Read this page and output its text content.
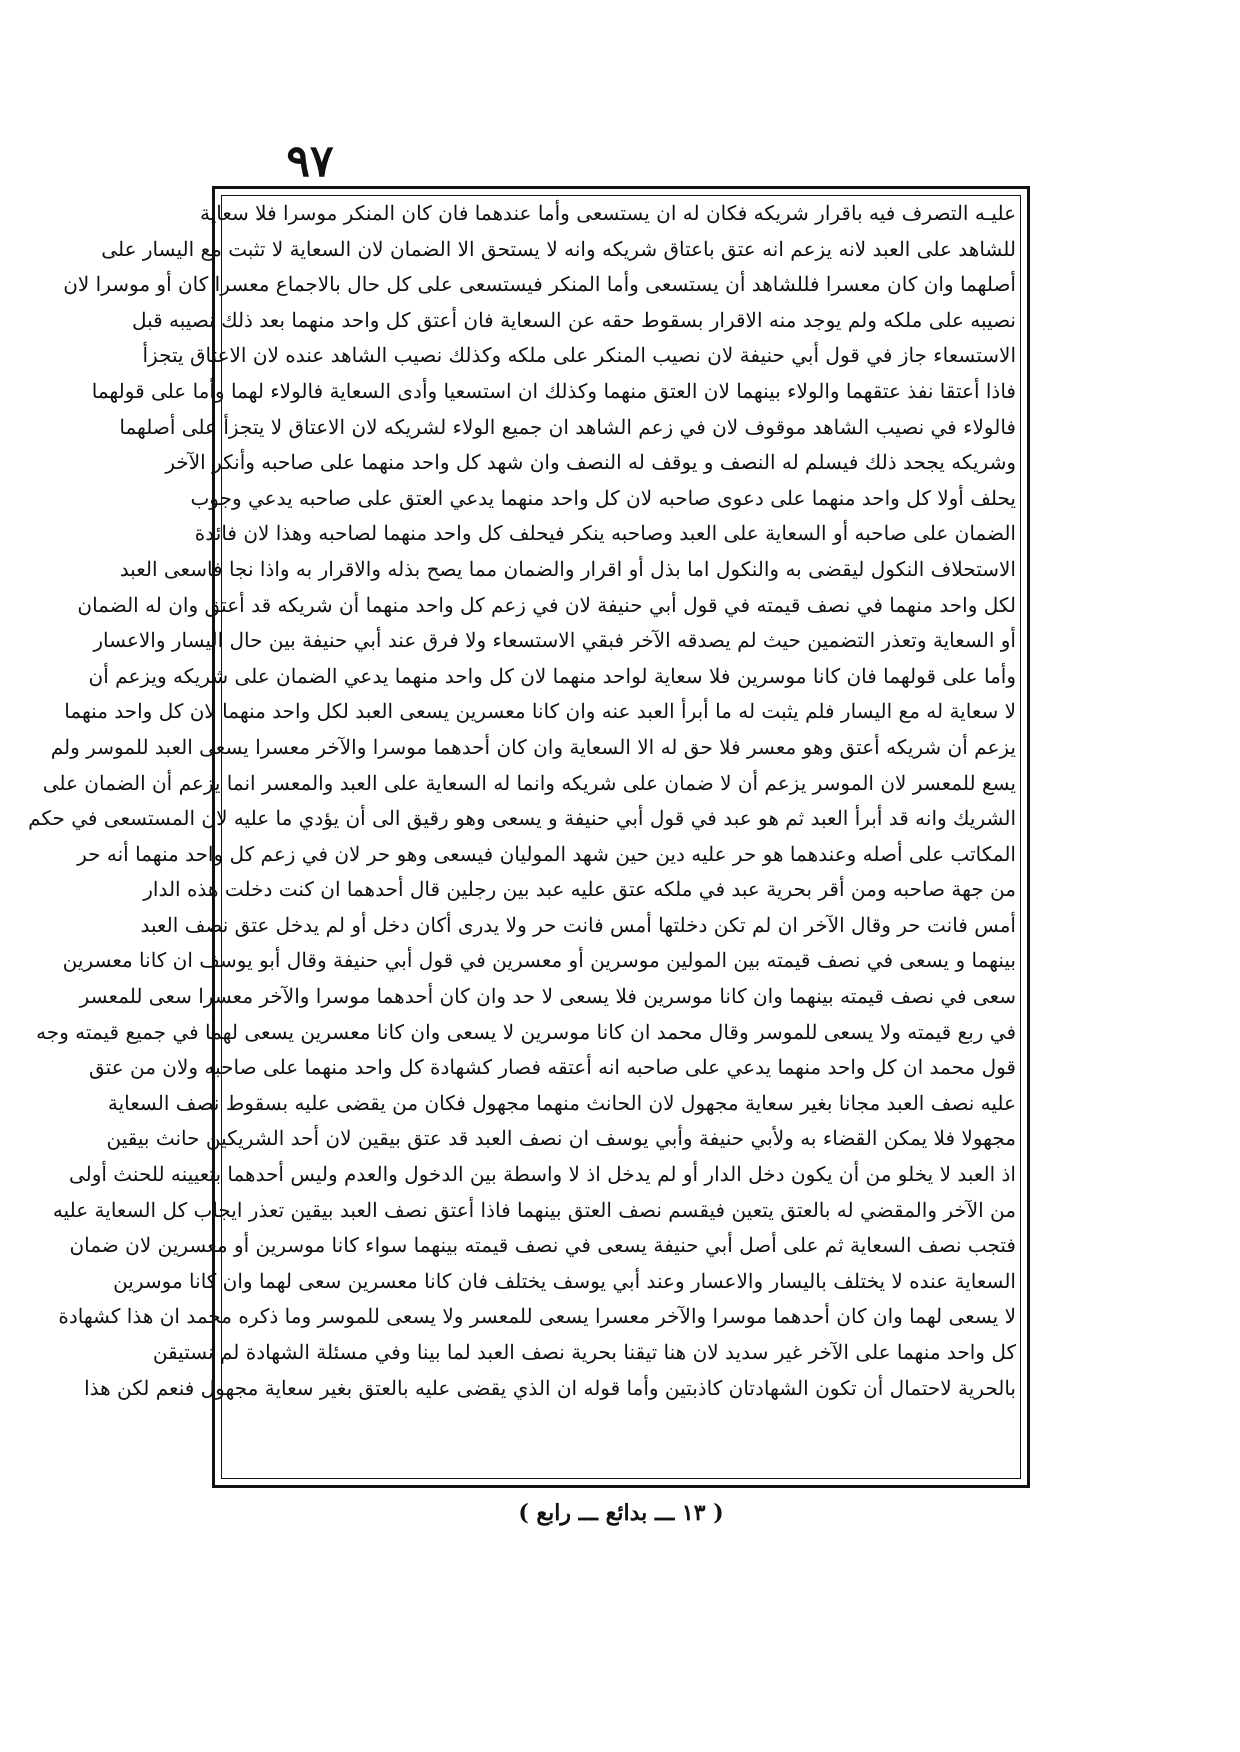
٩٧
عليـه التصرف فيه باقرار شريكه فكان له ان يستسعى وأما عندهما فان كان المنكر موسرا فلا سعاية
للشاهد على العبد لانه يزعم انه عتق باعتاق شريكه وانه لا يستحق الا الضمان لان السعاية لا تثبت مع اليسار على
أصلهما وان كان معسرا فللشاهد أن يستسعى وأما المنكر فيستسعى على كل حال بالاجماع معسرا كان أو موسرا لان
نصيبه على ملكه ولم يوجد منه الاقرار بسقوط حقه عن السعاية فان أعتق كل واحد منهما بعد ذلك نصيبه قبل
الاستسعاء جاز في قول أبي حنيفة لان نصيب المنكر على ملكه وكذلك نصيب الشاهد عنده لان الاعتاق يتجزأ
فاذا أعتقا نفذ عتقهما والولاء بينهما لان العتق منهما وكذلك ان استسعيا وأدى السعاية فالولاء لهما وأما على قولهما
فالولاء في نصيب الشاهد موقوف لان في زعم الشاهد ان جميع الولاء لشريكه لان الاعتاق لا يتجزأ على أصلهما
وشريكه يجحد ذلك فيسلم له النصف و يوقف له النصف وان شهد كل واحد منهما على صاحبه وأنكر الآخر
يحلف أولا كل واحد منهما على دعوى صاحبه لان كل واحد منهما يدعي العتق على صاحبه يدعي وجوب
الضمان على صاحبه أو السعاية على العبد وصاحبه ينكر فيحلف كل واحد منهما لصاحبه وهذا لان فائدة
الاستحلاف النكول ليقضى به والنكول اما بذل أو اقرار والضمان مما يصح بذله والاقرار به واذا نجا فاسعى العبد
لكل واحد منهما في نصف قيمته في قول أبي حنيفة لان في زعم كل واحد منهما أن شريكه قد أعتق وان له الضمان
أو السعاية وتعذر التضمين حيث لم يصدقه الآخر فبقي الاستسعاء ولا فرق عند أبي حنيفة بين حال اليسار والاعسار
وأما على قولهما فان كانا موسرين فلا سعاية لواحد منهما لان كل واحد منهما يدعي الضمان على شريكه ويزعم أن
لا سعاية له مع اليسار فلم يثبت له ما أبرأ العبد عنه وان كانا معسرين يسعى العبد لكل واحد منهما لان كل واحد منهما
يزعم أن شريكه أعتق وهو معسر فلا حق له الا السعاية وان كان أحدهما موسرا والآخر معسرا يسعى العبد للموسر ولم
يسع للمعسر لان الموسر يزعم أن لا ضمان على شريكه وانما له السعاية على العبد والمعسر انما يزعم أن الضمان على
الشريك وانه قد أبرأ العبد ثم هو عبد في قول أبي حنيفة و يسعى وهو رقيق الى أن يؤدي ما عليه لان المستسعى في حكم
المكاتب على أصله وعندهما هو حر عليه دين حين شهد الموليان فيسعى وهو حر لان في زعم كل واحد منهما أنه حر
من جهة صاحبه ومن أقر بحرية عبد في ملكه عتق عليه عبد بين رجلين قال أحدهما ان كنت دخلت هذه الدار
أمس فانت حر وقال الآخر ان لم تكن دخلتها أمس فانت حر ولا يدرى أكان دخل أو لم يدخل عتق نصف العبد
بينهما و يسعى في نصف قيمته بين المولين موسرين أو معسرين في قول أبي حنيفة وقال أبو يوسف ان كانا معسرين
سعى في نصف قيمته بينهما وان كانا موسرين فلا يسعى لا حد وان كان أحدهما موسرا والآخر معسرا سعى للمعسر
في ربع قيمته ولا يسعى للموسر وقال محمد ان كانا موسرين لا يسعى وان كانا معسرين يسعى لهما في جميع قيمته وجه
قول محمد ان كل واحد منهما يدعي على صاحبه انه أعتقه فصار كشهادة كل واحد منهما على صاحبه ولان من عتق
عليه نصف العبد مجانا بغير سعاية مجهول لان الحانث منهما مجهول فكان من يقضى عليه بسقوط نصف السعاية
مجهولا فلا يمكن القضاء به ولأبي حنيفة وأبي يوسف ان نصف العبد قد عتق بيقين لان أحد الشريكين حانث بيقين
اذ العبد لا يخلو من أن يكون دخل الدار أو لم يدخل اذ لا واسطة بين الدخول والعدم وليس أحدهما بتعيينه للحنث أولى
من الآخر والمقضي له بالعتق يتعين فيقسم نصف العتق بينهما فاذا أعتق نصف العبد بيقين تعذر ايجاب كل السعاية عليه
فتجب نصف السعاية ثم على أصل أبي حنيفة يسعى في نصف قيمته بينهما سواء كانا موسرين أو معسرين لان ضمان
السعاية عنده لا يختلف باليسار والاعسار وعند أبي يوسف يختلف فان كانا معسرين سعى لهما وان كانا موسرين
لا يسعى لهما وان كان أحدهما موسرا والآخر معسرا يسعى للمعسر ولا يسعى للموسر وما ذكره محمد ان هذا كشهادة
كل واحد منهما على الآخر غير سديد لان هنا تيقنا بحرية نصف العبد لما بينا وفي مسئلة الشهادة لم نستيقن
بالحرية لاحتمال أن تكون الشهادتان كاذبتين وأما قوله ان الذي يقضى عليه بالعتق بغير سعاية مجهول فنعم لكن هذا
( ١٣ ـــ بدائع ـــ رابع )
